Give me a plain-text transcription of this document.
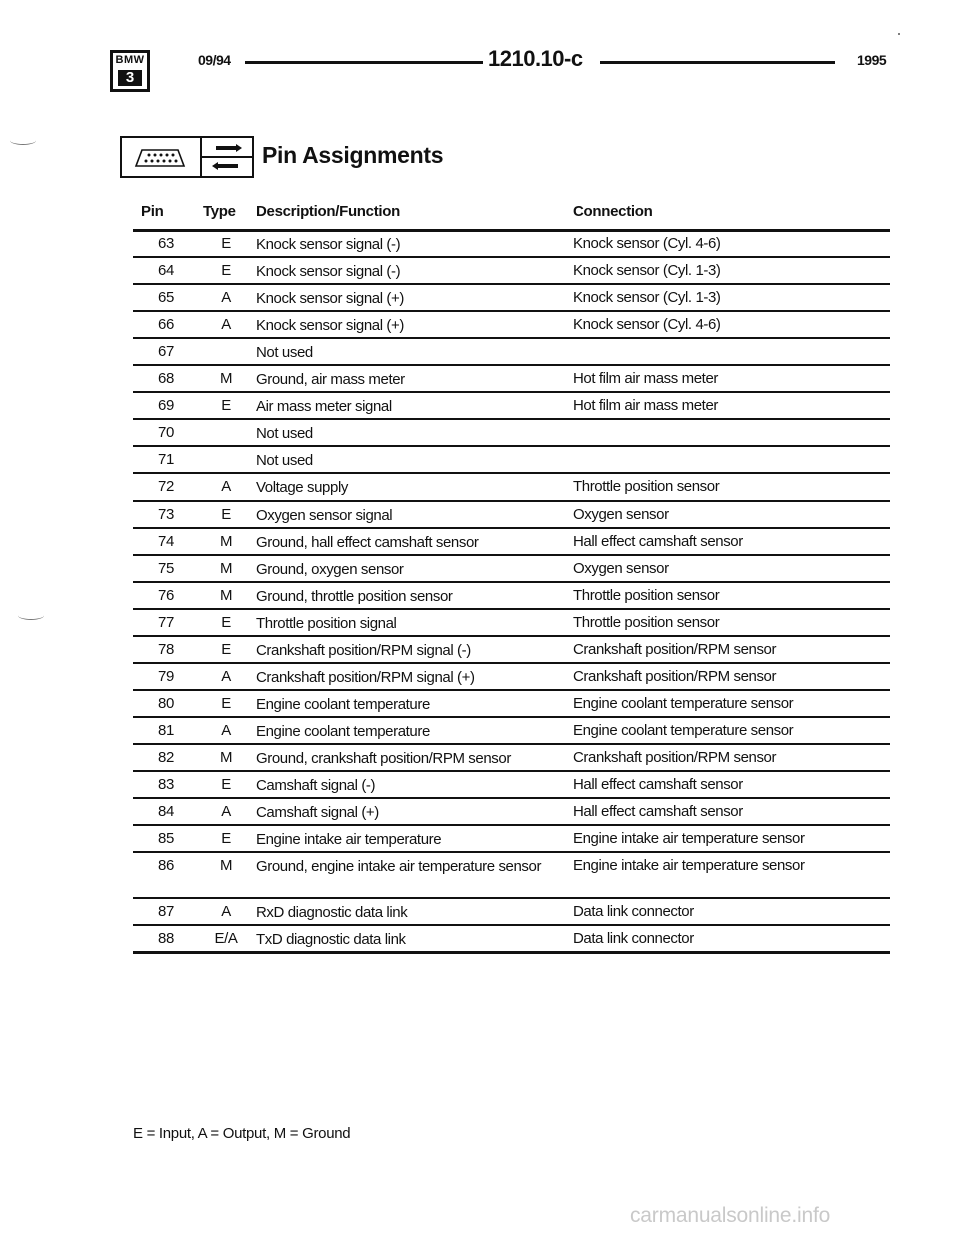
BMW
3
09/94	1210.10-c	1995
Pin Assignments
Pin	Type Description/Function	Connection
63	E	Knock sensor signal (-)	Knock sensor (Cyl. 4-6)
64	E	Knock sensor signal (-)	Knock sensor (Cyl. 1-3)
65	A	Knock sensor signal (+)	Knock sensor (Cyl. 1-3)
66	A	Knock sensor signal (+)	Knock sensor (Cyl. 4-6)
67	Not used
68	M	Ground, air mass meter	Hot film air mass meter
69	E	Air mass meter signal	Hot film air mass meter
70	Not used
71	Not used
72	A	Voltage supply	Throttle position sensor
73	E	Oxygen sensor signal	Oxygen sensor
74	M	Ground, hall effect camshaft sensor	Hall effect camshaft sensor
75	M	Ground, oxygen sensor	Oxygen sensor
76	M	Ground, throttle position sensor	Throttle position sensor
77	E	Throttle position signal	Throttle position sensor
78	E	Crankshaft position/RPM signal (-)	Crankshaft position/RPM sensor
79	A	Crankshaft position/RPM signal (+)	Crankshaft position/RPM sensor
80	E	Engine coolant temperature	Engine coolant temperature sensor
81	A	Engine coolant temperature	Engine coolant temperature sensor
82	M	Ground, crankshaft position/RPM sensor	Crankshaft position/RPM sensor
83	E	Camshaft signal (-)	Hall effect camshaft sensor
84	A	Camshaft signal (+)	Hall effect camshaft sensor
85	E	Engine intake air temperature	Engine intake air temperature sensor
86	M	Ground, engine intake air temperature sensor	Engine intake air temperature sensor
87	A	RxD diagnostic data link	Data link connector
88	E/A	TxD diagnostic data link	Data link connector
E = Input, A = Output, M = Ground
carmanualsonline.info
